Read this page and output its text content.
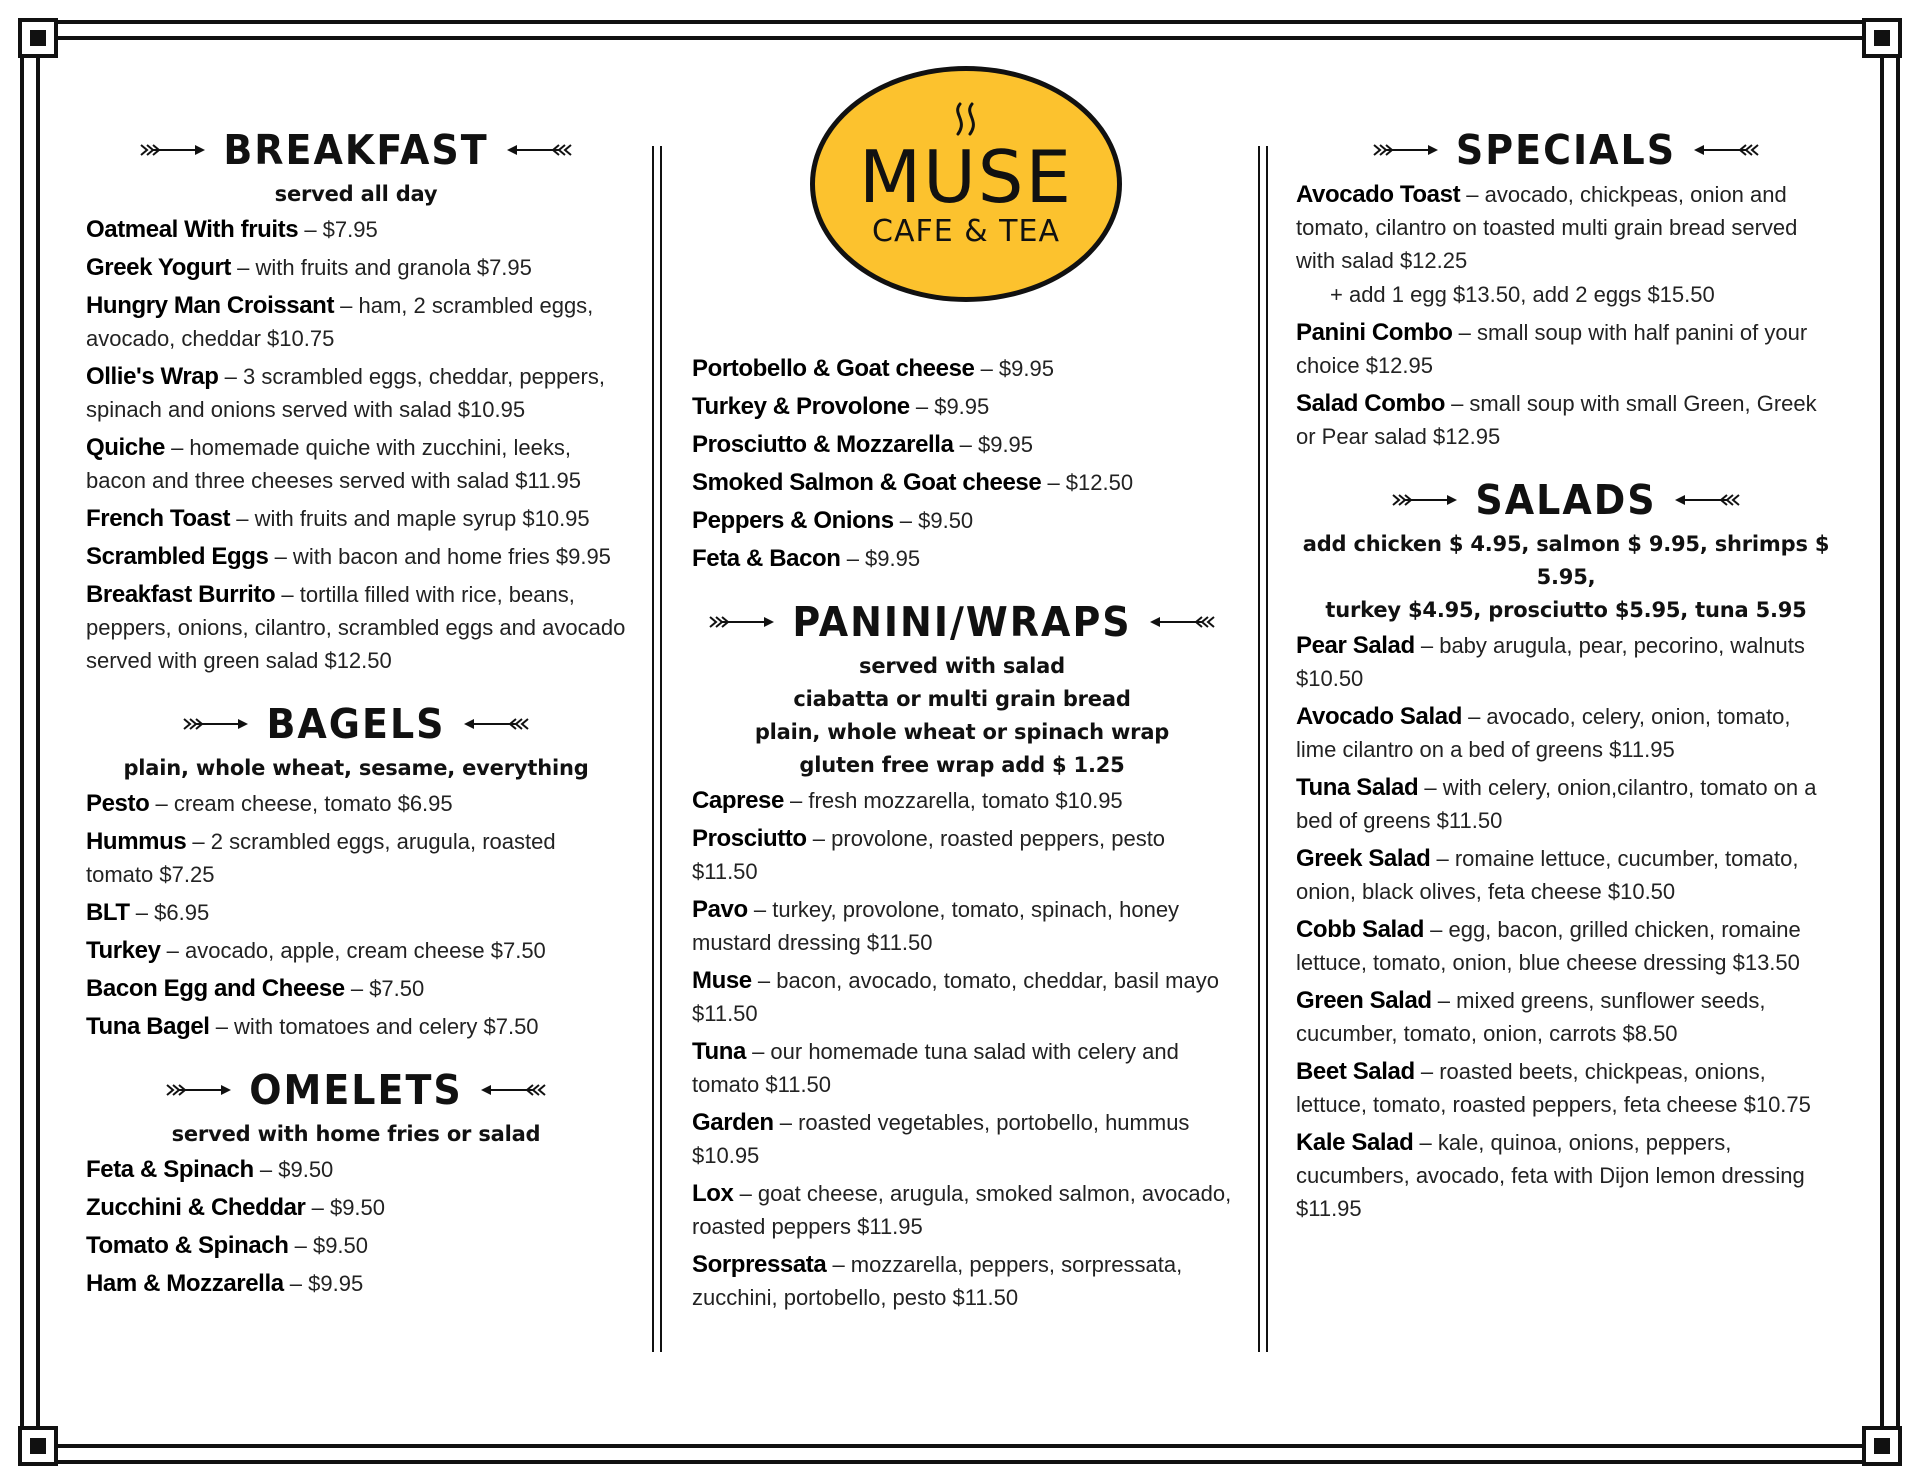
MUSE
CAFE & TEA
BREAKFAST
served all day
Oatmeal With fruits – $7.95
Greek Yogurt – with fruits and granola $7.95
Hungry Man Croissant – ham, 2 scrambled eggs, avocado, cheddar $10.75
Ollie's Wrap – 3 scrambled eggs, cheddar, peppers, spinach and onions served with salad $10.95
Quiche – homemade quiche with zucchini, leeks, bacon and three cheeses served with salad $11.95
French Toast – with fruits and maple syrup $10.95
Scrambled Eggs – with bacon and home fries $9.95
Breakfast Burrito – tortilla filled with rice, beans, peppers, onions, cilantro, scrambled eggs and avocado served with green salad $12.50
BAGELS
plain, whole wheat, sesame, everything
Pesto – cream cheese, tomato $6.95
Hummus – 2 scrambled eggs, arugula, roasted tomato $7.25
BLT – $6.95
Turkey – avocado, apple, cream cheese $7.50
Bacon Egg and Cheese – $7.50
Tuna Bagel – with tomatoes and celery $7.50
OMELETS
served with home fries or salad
Feta & Spinach – $9.50
Zucchini & Cheddar – $9.50
Tomato & Spinach – $9.50
Ham & Mozzarella – $9.95
Portobello & Goat cheese – $9.95
Turkey & Provolone – $9.95
Prosciutto & Mozzarella – $9.95
Smoked Salmon & Goat cheese – $12.50
Peppers & Onions – $9.50
Feta & Bacon – $9.95
PANINI/WRAPS
served with salad
ciabatta or multi grain bread
plain, whole wheat or spinach wrap
gluten free wrap add $ 1.25
Caprese – fresh mozzarella, tomato $10.95
Prosciutto – provolone, roasted peppers, pesto $11.50
Pavo – turkey, provolone, tomato, spinach, honey mustard dressing $11.50
Muse – bacon, avocado, tomato, cheddar, basil mayo $11.50
Tuna – our homemade tuna salad with celery and tomato $11.50
Garden – roasted vegetables, portobello, hummus $10.95
Lox – goat cheese, arugula, smoked salmon, avocado, roasted peppers $11.95
Sorpressata – mozzarella, peppers, sorpressata, zucchini, portobello, pesto $11.50
SPECIALS
Avocado Toast – avocado, chickpeas, onion and tomato, cilantro on toasted multi grain bread served with salad $12.25
+ add 1 egg $13.50, add 2 eggs $15.50
Panini Combo – small soup with half panini of your choice $12.95
Salad Combo – small soup with small Green, Greek or Pear salad $12.95
SALADS
add chicken $ 4.95, salmon $ 9.95, shrimps $ 5.95,
turkey $4.95, prosciutto $5.95, tuna 5.95
Pear Salad – baby arugula, pear, pecorino, walnuts $10.50
Avocado Salad – avocado, celery, onion, tomato, lime cilantro on a bed of greens $11.95
Tuna Salad – with celery, onion,cilantro, tomato on a bed of greens $11.50
Greek Salad – romaine lettuce, cucumber, tomato, onion, black olives, feta cheese $10.50
Cobb Salad – egg, bacon, grilled chicken, romaine lettuce, tomato, onion, blue cheese dressing $13.50
Green Salad – mixed greens, sunflower seeds, cucumber, tomato, onion, carrots $8.50
Beet Salad – roasted beets, chickpeas, onions, lettuce, tomato, roasted peppers, feta cheese $10.75
Kale Salad – kale, quinoa, onions, peppers, cucumbers, avocado, feta with Dijon lemon dressing $11.95
